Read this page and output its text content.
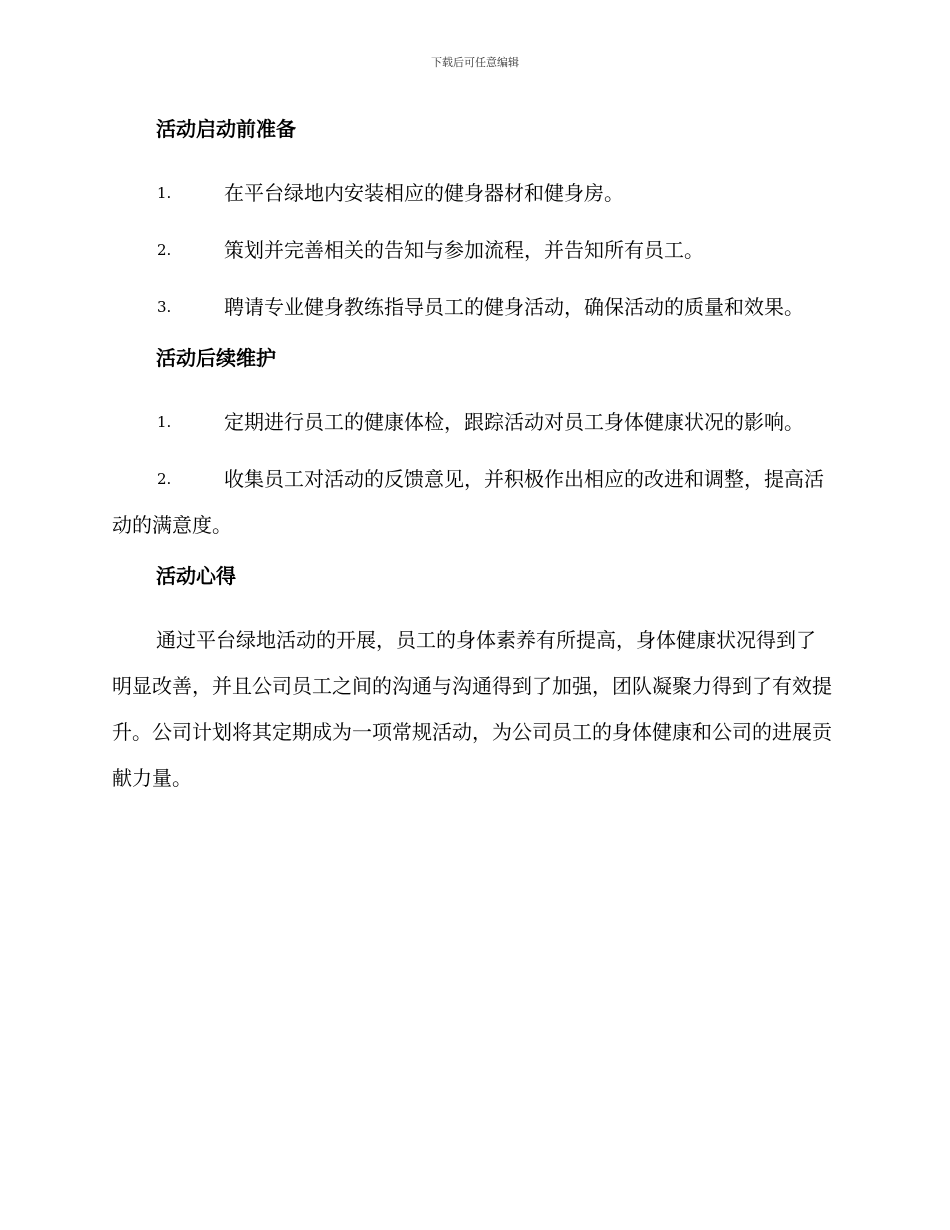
下载后可任意编辑
活动启动前准备
1.	在平台绿地内安装相应的健身器材和健身房。
2.	策划并完善相关的告知与参加流程，并告知所有员工。
3.	聘请专业健身教练指导员工的健身活动，确保活动的质量和效果。
活动后续维护
1.	定期进行员工的健康体检，跟踪活动对员工身体健康状况的影响。
2.	收集员工对活动的反馈意见，并积极作出相应的改进和调整，提高活动的满意度。
活动心得

通过平台绿地活动的开展，员工的身体素养有所提高，身体健康状况得到了明显改善，并且公司员工之间的沟通与沟通得到了加强，团队凝聚力得到了有效提升。公司计划将其定期成为一项常规活动，为公司员工的身体健康和公司的进展贡献力量。
